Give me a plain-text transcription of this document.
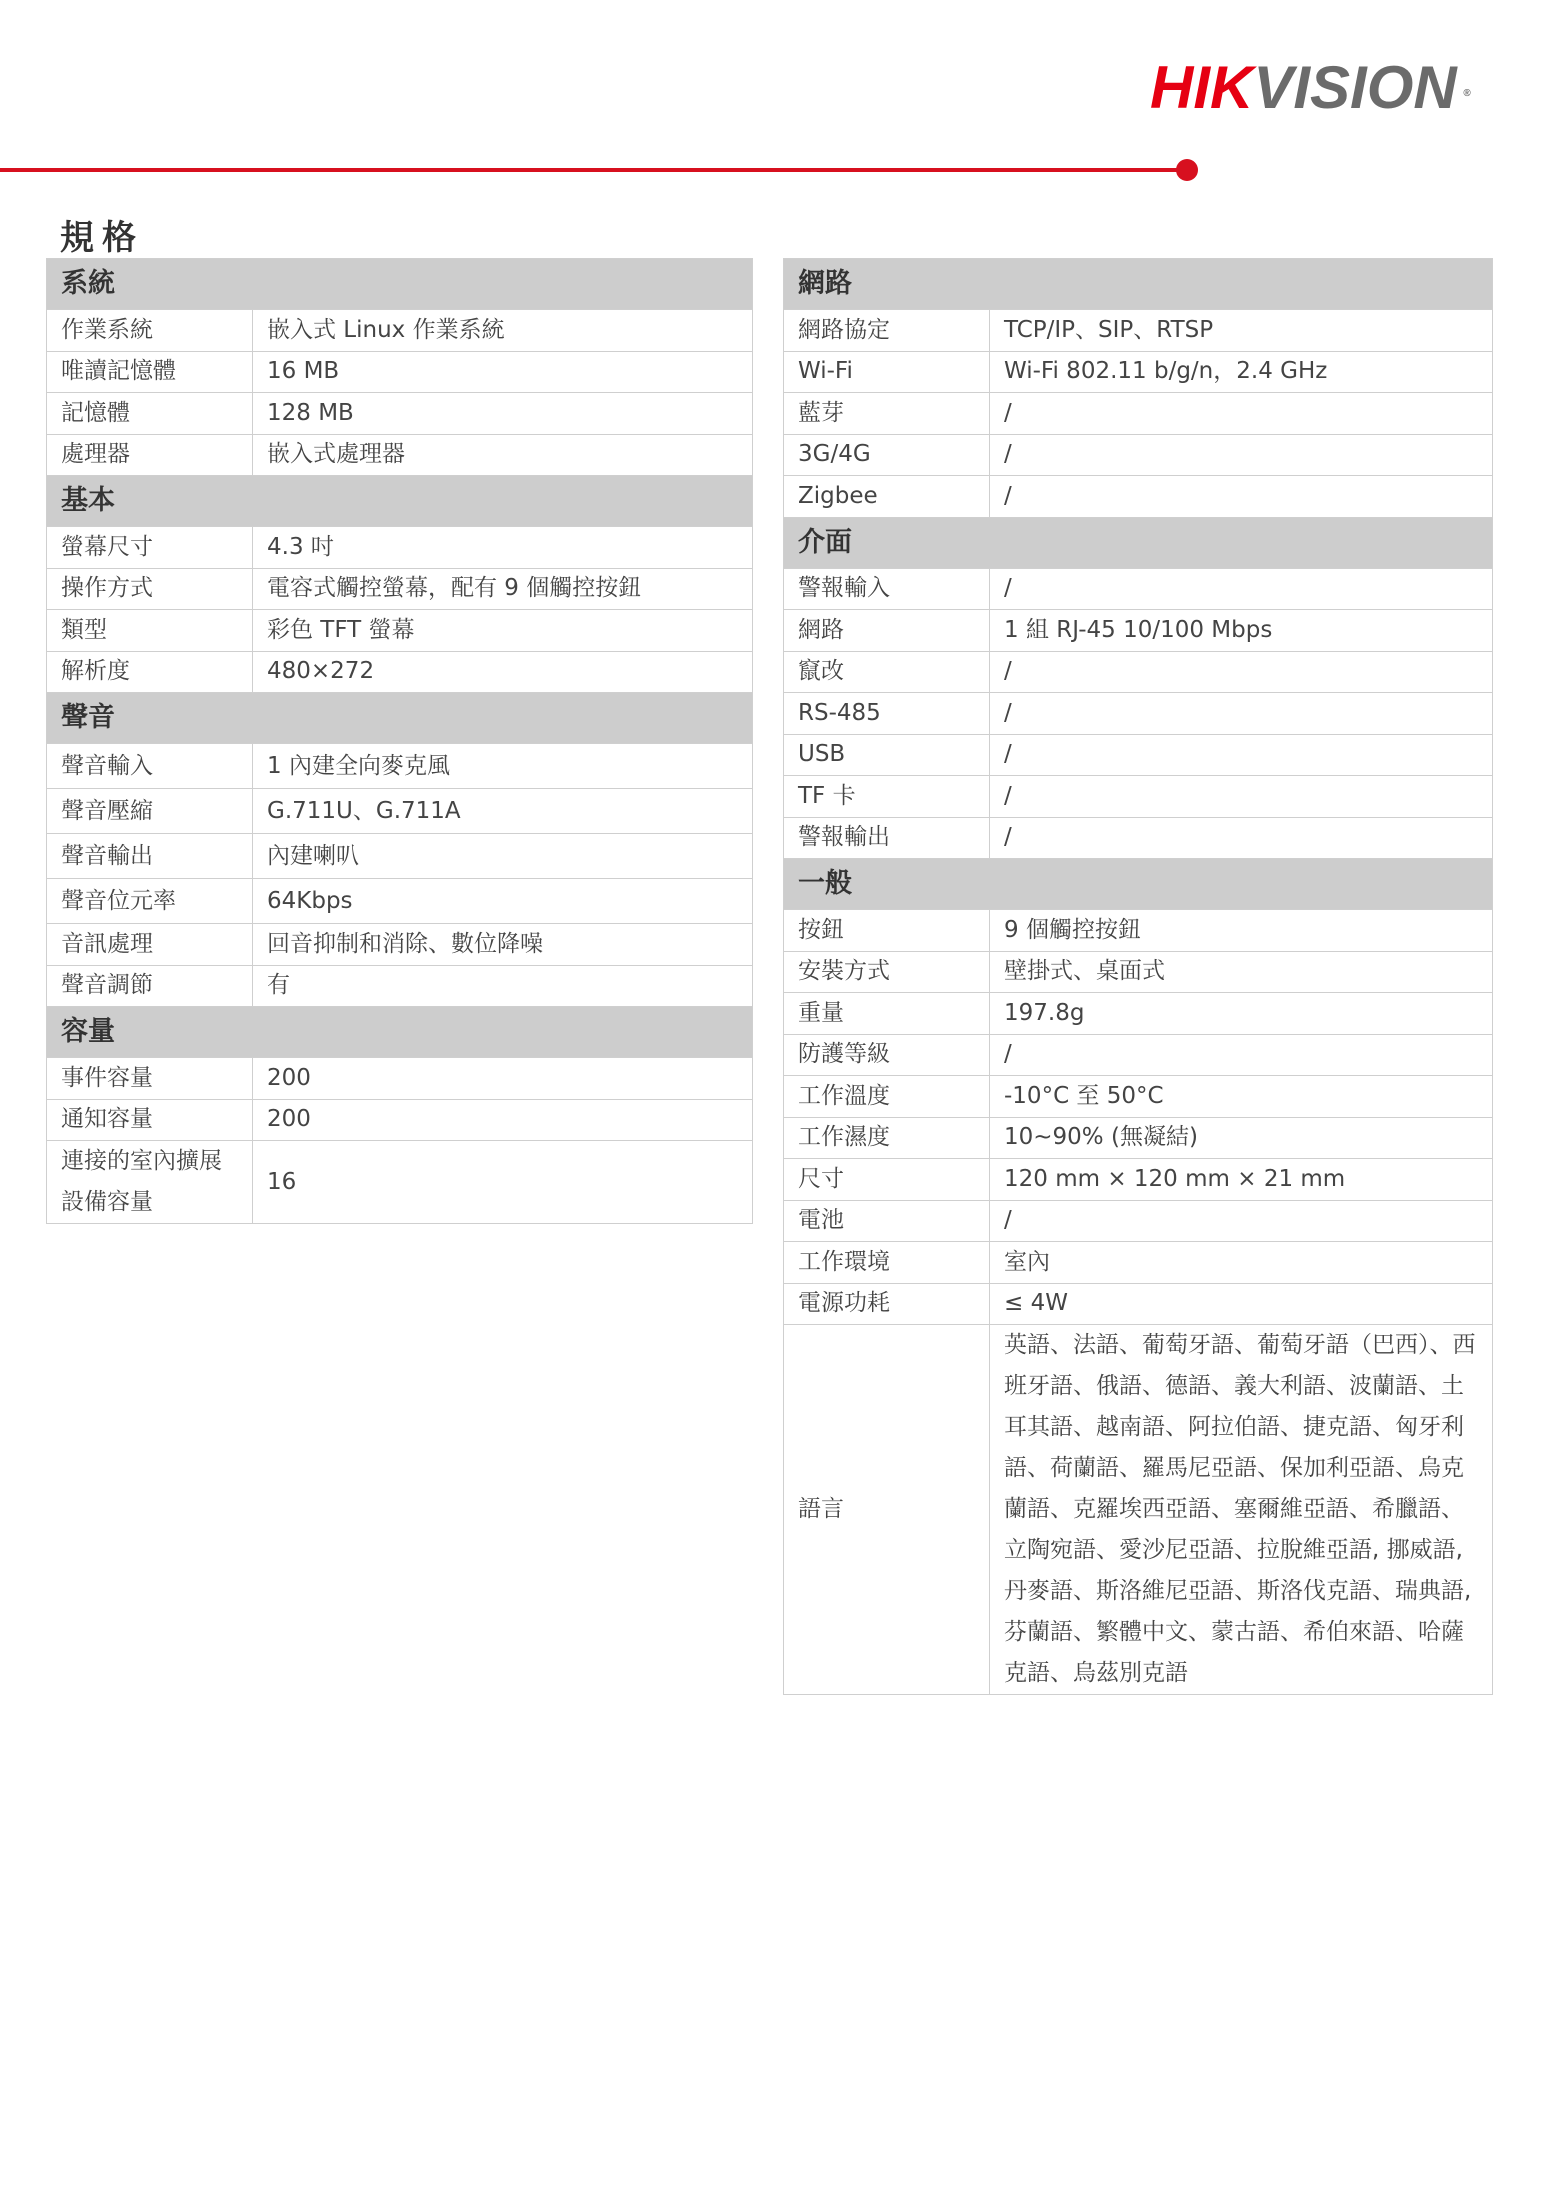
HIKVISION ®
規格
系統	
作業系統	嵌入式 Linux 作業系統
唯讀記憶體	16 MB
記憶體	128 MB
處理器	嵌入式處理器
基本	
螢幕尺寸	4.3 吋
操作方式	電容式觸控螢幕，配有 9 個觸控按鈕
類型	彩色 TFT 螢幕
解析度	480×272
聲音	
聲音輸入	1 內建全向麥克風
聲音壓縮	G.711U、G.711A
聲音輸出	內建喇叭
聲音位元率	64Kbps
音訊處理	回音抑制和消除、數位降噪
聲音調節	有
容量	
事件容量	200
通知容量	200
連接的室內擴展設備容量	16
網路	
網路協定	TCP/IP、SIP、RTSP
Wi-Fi	Wi-Fi 802.11 b/g/n，2.4 GHz
藍芽	/
3G/4G	/
Zigbee	/
介面	
警報輸入	/
網路	1 組 RJ-45 10/100 Mbps
竄改	/
RS-485	/
USB	/
TF 卡	/
警報輸出	/
一般	
按鈕	9 個觸控按鈕
安裝方式	壁掛式、桌面式
重量	197.8g
防護等級	/
工作溫度	-10°C 至 50°C
工作濕度	10~90% (無凝結)
尺寸	120 mm × 120 mm × 21 mm
電池	/
工作環境	室內
電源功耗	≤ 4W
語言	英語、法語、葡萄牙語、葡萄牙語（巴西）、西班牙語、俄語、德語、義大利語、波蘭語、土耳其語、越南語、阿拉伯語、捷克語、匈牙利語、荷蘭語、羅馬尼亞語、保加利亞語、烏克蘭語、克羅埃西亞語、塞爾維亞語、希臘語、立陶宛語、愛沙尼亞語、拉脫維亞語, 挪威語, 丹麥語、斯洛維尼亞語、斯洛伐克語、瑞典語, 芬蘭語、繁體中文、蒙古語、希伯來語、哈薩克語、烏茲別克語
